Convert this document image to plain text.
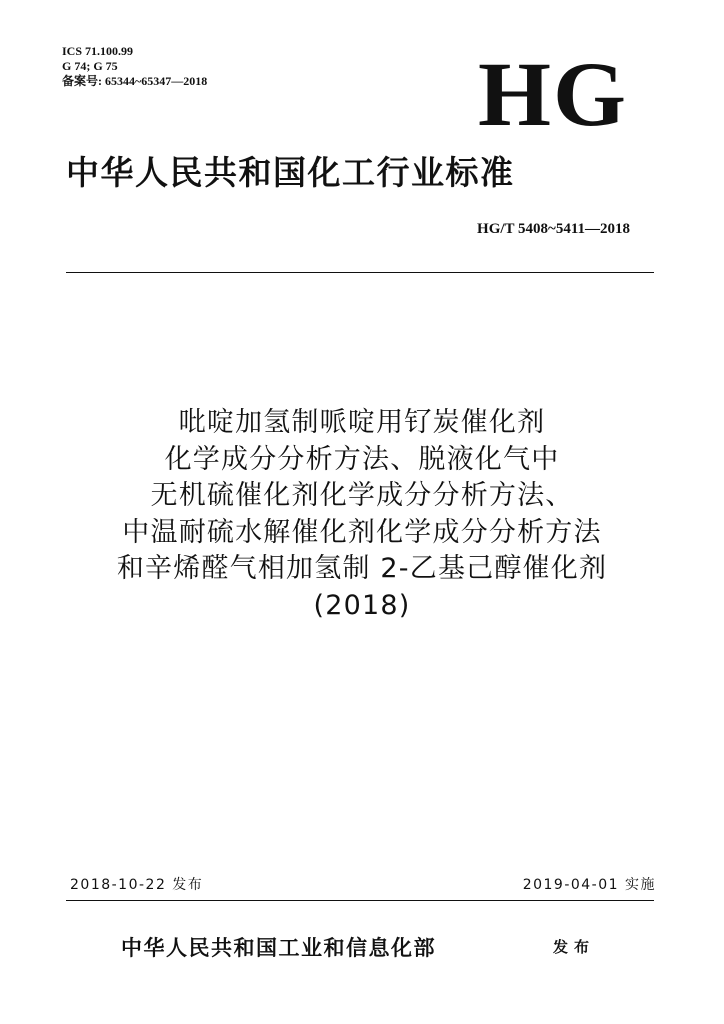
ICS 71.100.99
G 74; G 75
备案号: 65344~65347—2018	HG
中华人民共和国化工行业标准
HG/T 5408~5411—2018
吡啶加氢制哌啶用钌炭催化剂
化学成分分析方法、脱液化气中
无机硫催化剂化学成分分析方法、
中温耐硫水解催化剂化学成分分析方法
和辛烯醛气相加氢制 2-乙基己醇催化剂
(2018)
2018-10-22 发布	2019-04-01 实施
中华人民共和国工业和信息化部	发布
